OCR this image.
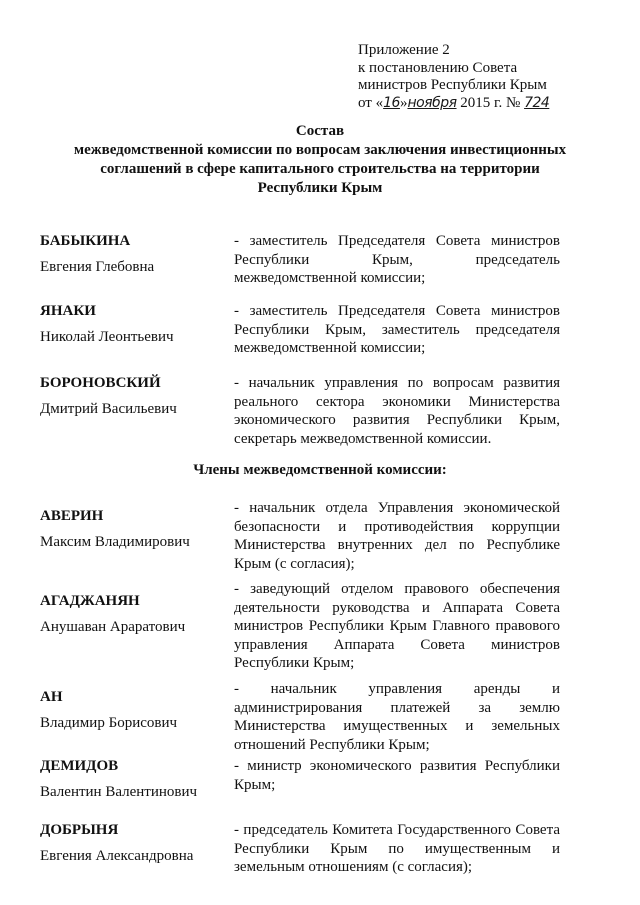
Приложение 2
к постановлению Совета
министров Республики Крым
от «16»ноября 2015 г. № 724
Состав
межведомственной комиссии по вопросам заключения инвестиционных
соглашений в сфере капитального строительства на территории
Республики Крым
БАБЫКИНА
Евгения Глебовна
- заместитель Председателя Совета министров Республики Крым, председатель межведомственной комиссии;
ЯНАКИ
Николай Леонтьевич
- заместитель Председателя Совета министров Республики Крым, заместитель председателя межведомственной комиссии;
БОРОНОВСКИЙ
Дмитрий Васильевич
- начальник управления по вопросам развития реального сектора экономики Министерства экономического развития Республики Крым, секретарь межведомственной комиссии.
Члены межведомственной комиссии:
АВЕРИН
Максим Владимирович
- начальник отдела Управления экономической безопасности и противодействия коррупции Министерства внутренних дел по Республике Крым (с согласия);
АГАДЖАНЯН
Анушаван Араратович
- заведующий отделом правового обеспечения деятельности руководства и Аппарата Совета министров Республики Крым Главного правового управления Аппарата Совета министров Республики Крым;
АН
Владимир Борисович
- начальник управления аренды и администрирования платежей за землю Министерства имущественных и земельных отношений Республики Крым;
ДЕМИДОВ
Валентин Валентинович
- министр экономического развития Республики Крым;
ДОБРЫНЯ
Евгения Александровна
- председатель Комитета Государственного Совета Республики Крым по имущественным и земельным отношениям (с согласия);
